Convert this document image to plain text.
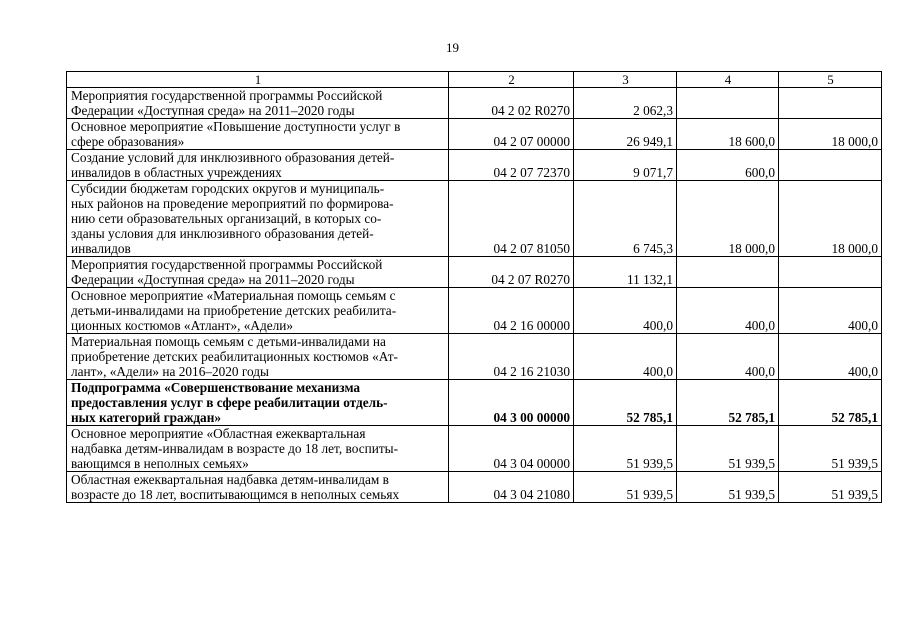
19
1	2	3	4	5

Мероприятия государственной программы Российской
Федерации «Доступная среда» на 2011–2020 годы	04 2 02 R0270	2 062,3		

Основное мероприятие «Повышение доступности услуг в
сфере образования»	04 2 07 00000	26 949,1	18 600,0	18 000,0

Создание условий для инклюзивного образования детей-
инвалидов в областных учреждениях	04 2 07 72370	9 071,7	600,0	

Субсидии бюджетам городских округов и муниципаль-
ных районов на проведение мероприятий по формирова-
нию сети образовательных организаций, в которых со-
зданы условия для инклюзивного образования детей-
инвалидов	04 2 07 81050	6 745,3	18 000,0	18 000,0

Мероприятия государственной программы Российской
Федерации «Доступная среда» на 2011–2020 годы	04 2 07 R0270	11 132,1		

Основное мероприятие «Материальная помощь семьям с
детьми-инвалидами на приобретение детских реабилита-
ционных костюмов «Атлант», «Адели»	04 2 16 00000	400,0	400,0	400,0

Материальная помощь семьям с детьми-инвалидами на
приобретение детских реабилитационных костюмов «Ат-
лант», «Адели» на 2016–2020 годы	04 2 16 21030	400,0	400,0	400,0

Подпрограмма «Совершенствование механизма
предоставления услуг в сфере реабилитации отдель-
ных категорий граждан»	04 3 00 00000	52 785,1	52 785,1	52 785,1

Основное мероприятие «Областная ежеквартальная
надбавка детям-инвалидам в возрасте до 18 лет, воспиты-
вающимся в неполных семьях»	04 3 04 00000	51 939,5	51 939,5	51 939,5

Областная ежеквартальная надбавка детям-инвалидам в
возрасте до 18 лет, воспитывающимся в неполных семьях	04 3 04 21080	51 939,5	51 939,5	51 939,5
